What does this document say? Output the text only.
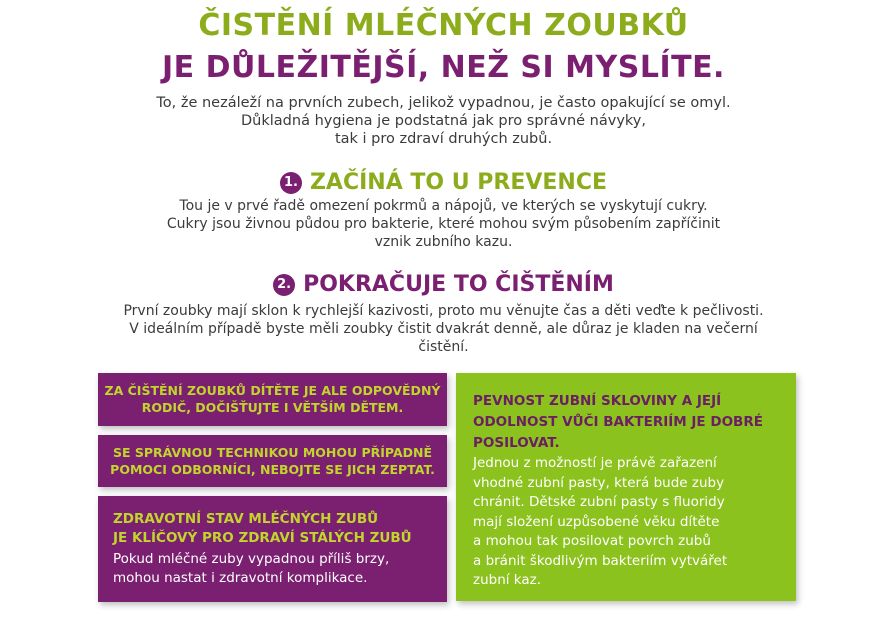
ČISTĚNÍ MLÉČNÝCH ZOUBKŮ
JE DŮLEŽITĚJŠÍ, NEŽ SI MYSLÍTE.
To, že nezáleží na prvních zubech, jelikož vypadnou, je často opakující se omyl.
Důkladná hygiena je podstatná jak pro správné návyky,
tak i pro zdraví druhých zubů.
1. ZAČÍNÁ TO U PREVENCE
Tou je v prvé řadě omezení pokrmů a nápojů, ve kterých se vyskytují cukry.
Cukry jsou živnou půdou pro bakterie, které mohou svým působením zapříčinit
vznik zubního kazu.
2. POKRAČUJE TO ČIŠTĚNÍM
První zoubky mají sklon k rychlejší kazivosti, proto mu věnujte čas a děti veďte k pečlivosti.
V ideálním případě byste měli zoubky čistit dvakrát denně, ale důraz je kladen na večerní
čistění.
ZA ČIŠTĚNÍ ZOUBKŮ DÍTĚTE JE ALE ODPOVĚDNÝ
RODIČ, DOČIŠŤUJTE I VĚTŠÍM DĚTEM.
SE SPRÁVNOU TECHNIKOU MOHOU PŘÍPADNĚ
POMOCI ODBORNÍCI, NEBOJTE SE JICH ZEPTAT.
ZDRAVOTNÍ STAV MLÉČNÝCH ZUBŮ
JE KLÍČOVÝ PRO ZDRAVÍ STÁLÝCH ZUBŮ
Pokud mléčné zuby vypadnou příliš brzy,
mohou nastat i zdravotní komplikace.
PEVNOST ZUBNÍ SKLOVINY A JEJÍ
ODOLNOST VŮČI BAKTERIÍM JE DOBRÉ
POSILOVAT.
Jednou z možností je právě zařazení
vhodné zubní pasty, která bude zuby
chránit. Dětské zubní pasty s fluoridy
mají složení uzpůsobené věku dítěte
a mohou tak posilovat povrch zubů
a bránit škodlivým bakteriím vytvářet
zubní kaz.
